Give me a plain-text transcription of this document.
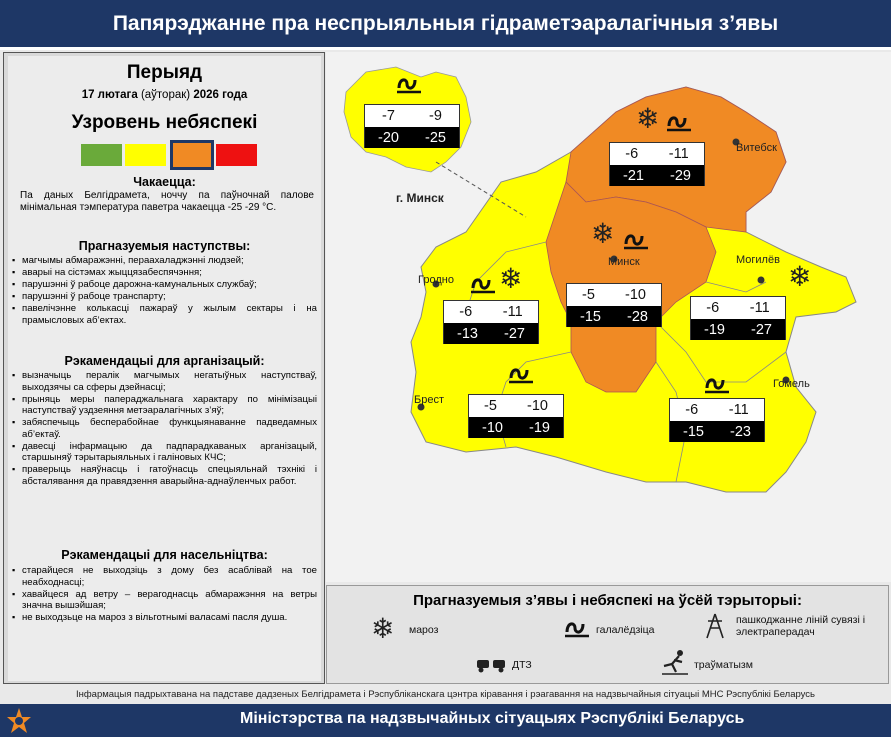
Папярэджанне пра неспрыяльныя гідраметэаралагічныя з’явы
Перыяд
17 лютага (аўторак) 2026 года
Узровень небяспекі
Чакаецца:
Па даных Белгідрамета, ноччу па паўночнай палове мінімальная тэмпература паветра чакаецца -25 -29 °С.
Прагназуемыя наступствы:
▪ магчымы абмаражэнні, пераахаладжэнні людзей;
▪ аварыі на сістэмах жыццязабеспячэння;
▪ парушэнні ў рабоце дарожна-камунальных службаў;
▪ парушэнні ў рабоце транспарту;
▪ павелічэнне колькасці пажараў у жылым сектары і на прамысловых аб’ектах.
Рэкамендацыі для арганізацый:
▪ вызначыць пералік магчымых негатыўных наступстваў, выходзячы са сферы дзейнасці;
▪ прыняць меры папераджальнага характару по мінімізацыі наступстваў уздзеяння метэаралагічных з’яў;
▪ забяспечыць бесперабойнае функцыянаванне падведамных аб’ектаў.
▪ давесці інфармацыю да падпарадкаваных арганізацый, старшыняў тэрытарыяльных і галіновых КЧС;
▪ праверыць наяўнасць і гатоўнасць спецыяльнай тэхнікі і абсталявання да правядзення аварыйна-аднаўленчых работ.
Рэкамендацыі для насельніцтва:
▪ старайцеся не выходзіць з дому без асаблівай на тое неабходнасці;
▪ хавайцеся ад ветру – верагоднасць абмаражэння на ветры значна вышэйшая;
▪ не выходзьце на мароз з вільготнымі валасамі пасля душа.
г. Минск
Витебск
Минск
Гродно
Могилёв
Брест
Гомель
❄
❄
❄	❄
-7 -9
-20 -25
-6 -11
-21 -29
-5 -10
-15 -28
-6 -11
-13 -27
-6 -11
-19 -27
-5 -10
-10 -19
-6 -11
-15 -23
Прагназуемыя з’явы і небяспекі на ўсёй тэрыторыі:
❄ мароз	галалёдзіца
пашкоджанне ліній сувязі і электраперадач
ДТЗ	траўматызм
Інфармацыя падрыхтавана на падставе дадзеных Белгідрамета і Рэспубліканскага цэнтра кіравання і рэагавання на надзвычайныя сітуацыі МНС Рэспублікі Беларусь
Міністэрства па надзвычайных сітуацыях Рэспублікі Беларусь
